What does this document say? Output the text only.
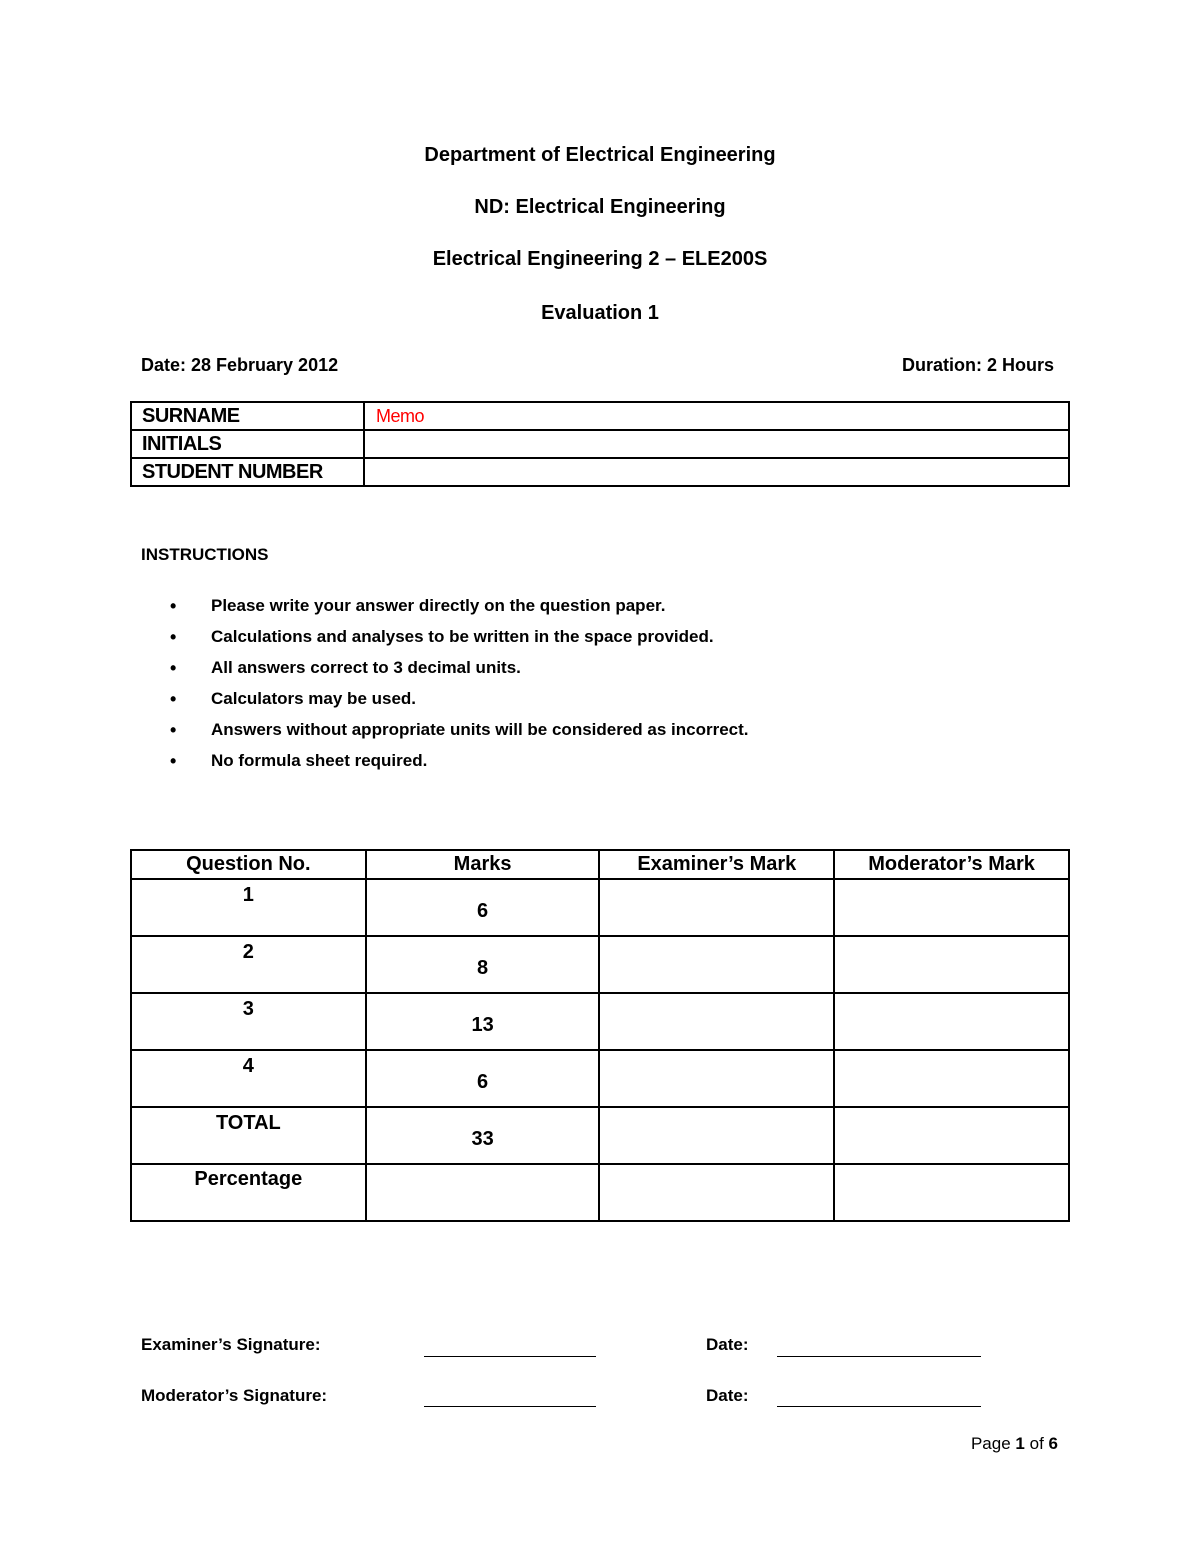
Department of Electrical Engineering
ND: Electrical Engineering
Electrical Engineering 2 – ELE200S
Evaluation 1
Date: 28 February 2012	Duration: 2 Hours
SURNAME	Memo
INITIALS	
STUDENT NUMBER	
INSTRUCTIONS
• Please write your answer directly on the question paper.
• Calculations and analyses to be written in the space provided.
• All answers correct to 3 decimal units.
• Calculators may be used.
• Answers without appropriate units will be considered as incorrect.
• No formula sheet required.
Question No.	Marks	Examiner’s Mark	Moderator’s Mark

1	6		

2	8		

3	13		

4	6		

TOTAL	33		

Percentage			

Examiner’s Signature:	Date:
Moderator’s Signature:	Date:
Page 1 of 6
